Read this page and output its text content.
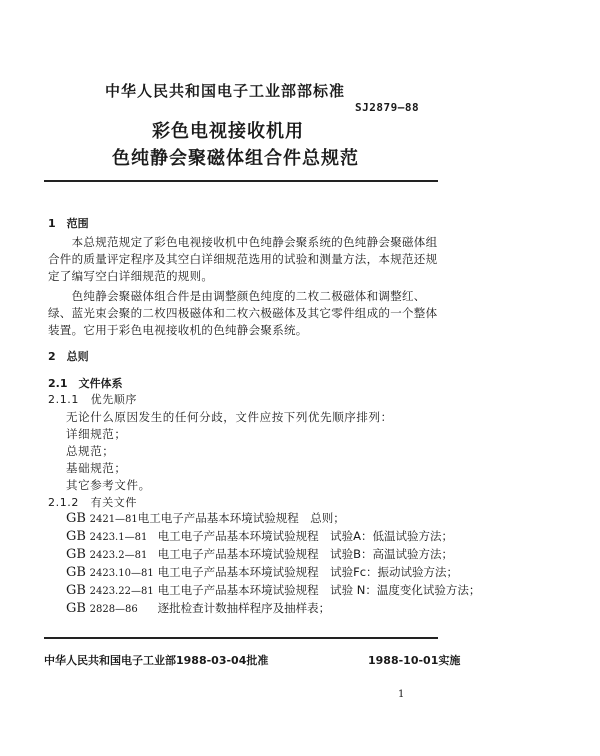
中华人民共和国电子工业部部标准
SJ2879—88
彩色电视接收机用
色纯静会聚磁体组合件总规范
1　范围
　　本总规范规定了彩色电视接收机中色纯静会聚系统的色纯静会聚磁体组合件的质量评定程序及其空白详细规范选用的试验和测量方法，本规范还规定了编写空白详细规范的规则。
　　色纯静会聚磁体组合件是由调整颜色纯度的二枚二极磁体和调整红、绿、蓝光束会聚的二枚四极磁体和二枚六极磁体及其它零件组成的一个整体装置。它用于彩色电视接收机的色纯静会聚系统。
2　总则
2.1　文件体系
2.1.1　优先顺序
无论什么原因发生的任何分歧，文件应按下列优先顺序排列：
详细规范；
总规范；
基础规范；
其它参考文件。
2.1.2　有关文件
GB 2421—81电工电子产品基本环境试验规程　总则；
GB 2423.1—81 电工电子产品基本环境试验规程　试验A：低温试验方法；
GB 2423.2—81 电工电子产品基本环境试验规程　试验B：高温试验方法；
GB 2423.10—81 电工电子产品基本环境试验规程　试验Fc：振动试验方法；
GB 2423.22—81 电工电子产品基本环境试验规程　试验 N：温度变化试验方法；
GB 2828—86 逐批检查计数抽样程序及抽样表；
中华人民共和国电子工业部1988-03-04批准	1988-10-01实施
1
